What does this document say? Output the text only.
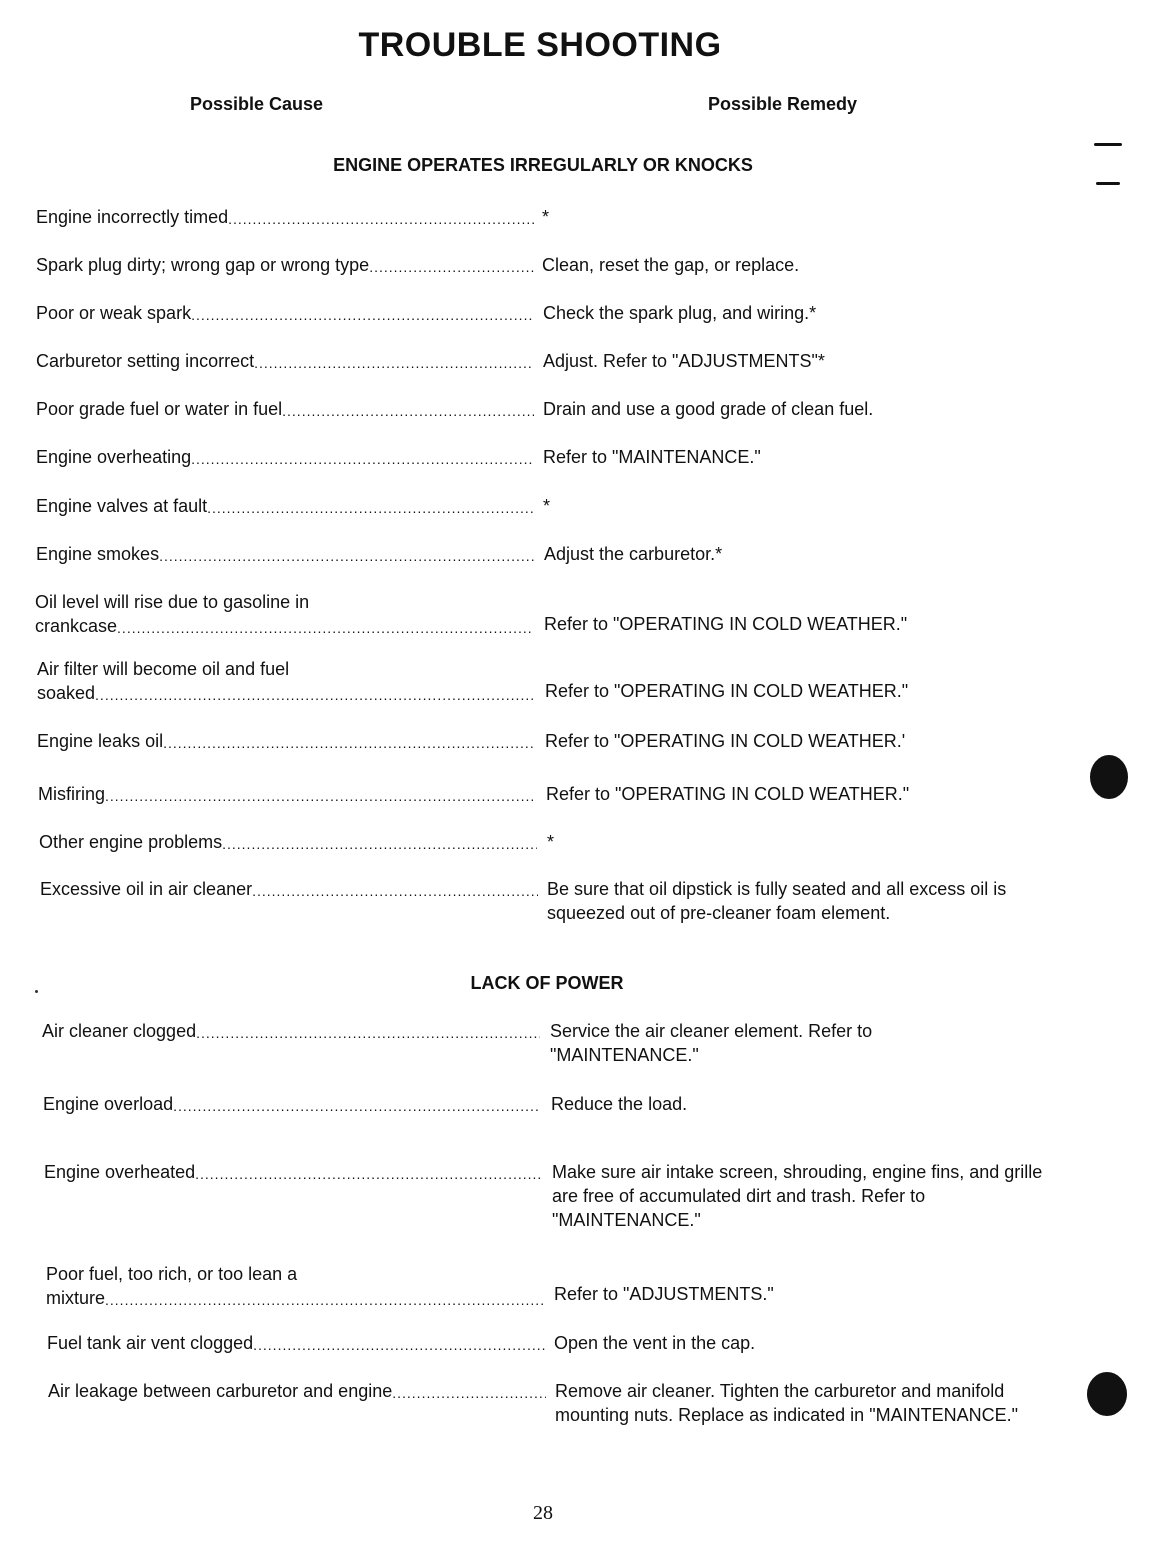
TROUBLE SHOOTING
Possible Cause	Possible Remedy
ENGINE OPERATES IRREGULARLY OR KNOCKS
Engine incorrectly timed .....	*
Spark plug dirty; wrong gap or wrong type .....	Clean, reset the gap, or replace.
Poor or weak spark .....	Check the spark plug, and wiring.*
Carburetor setting incorrect .....	Adjust. Refer to "ADJUSTMENTS"*
Poor grade fuel or water in fuel .....	Drain and use a good grade of clean fuel.
Engine overheating .....	Refer to "MAINTENANCE."
Engine valves at fault .....	*
Engine smokes .....	Adjust the carburetor.*
Oil level will rise due to gasoline in
crankcase .....	Refer to "OPERATING IN COLD WEATHER."
Air filter will become oil and fuel
soaked .....	Refer to "OPERATING IN COLD WEATHER."
Engine leaks oil .....	Refer to "OPERATING IN COLD WEATHER.'
Misfiring .....	Refer to "OPERATING IN COLD WEATHER."
Other engine problems .....	*
Excessive oil in air cleaner .....	Be sure that oil dipstick is fully seated and all excess oil is squeezed out of pre-cleaner foam element.
LACK OF POWER
Air cleaner clogged .....	Service the air cleaner element. Refer to "MAINTENANCE."
Engine overload .....	Reduce the load.
Engine overheated .....	Make sure air intake screen, shrouding, engine fins, and grille are free of accumulated dirt and trash. Refer to "MAINTENANCE."
Poor fuel, too rich, or too lean a
mixture .....	Refer to "ADJUSTMENTS."
Fuel tank air vent clogged .....	Open the vent in the cap.
Air leakage between carburetor and engine .....	Remove air cleaner. Tighten the carburetor and manifold mounting nuts. Replace as indicated in "MAINTENANCE."
28
